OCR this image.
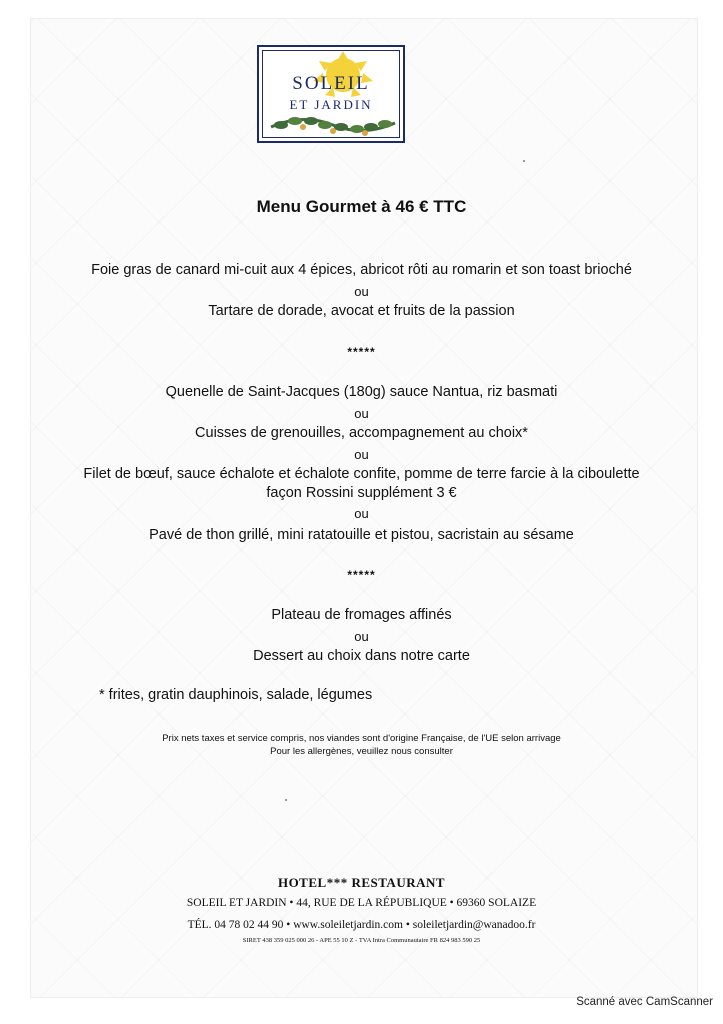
SOLEIL
ET JARDIN
Menu Gourmet à 46 € TTC
Foie gras de canard mi-cuit aux 4 épices, abricot rôti au romarin et son toast brioché
ou
Tartare de dorade, avocat et fruits de la passion
*****
Quenelle de Saint-Jacques (180g) sauce Nantua, riz basmati
ou
Cuisses de grenouilles, accompagnement au choix*
ou
Filet de bœuf, sauce échalote et échalote confite, pomme de terre farcie à la ciboulette
façon Rossini supplément 3 €
ou
Pavé de thon grillé, mini ratatouille et pistou, sacristain au sésame
*****
Plateau de fromages affinés
ou
Dessert au choix dans notre carte
* frites, gratin dauphinois, salade, légumes
Prix nets taxes et service compris, nos viandes sont d'origine Française, de l'UE selon arrivage
Pour les allergènes, veuillez nous consulter
HOTEL*** RESTAURANT
SOLEIL ET JARDIN • 44, RUE DE LA RÉPUBLIQUE • 69360 SOLAIZE
TÉL. 04 78 02 44 90 • www.soleiletjardin.com • soleiletjardin@wanadoo.fr
SIRET 438 359 025 000 26 - APE 55 10 Z - TVA Intra Communautaire FR 824 983 590 25
Scanné avec CamScanner
